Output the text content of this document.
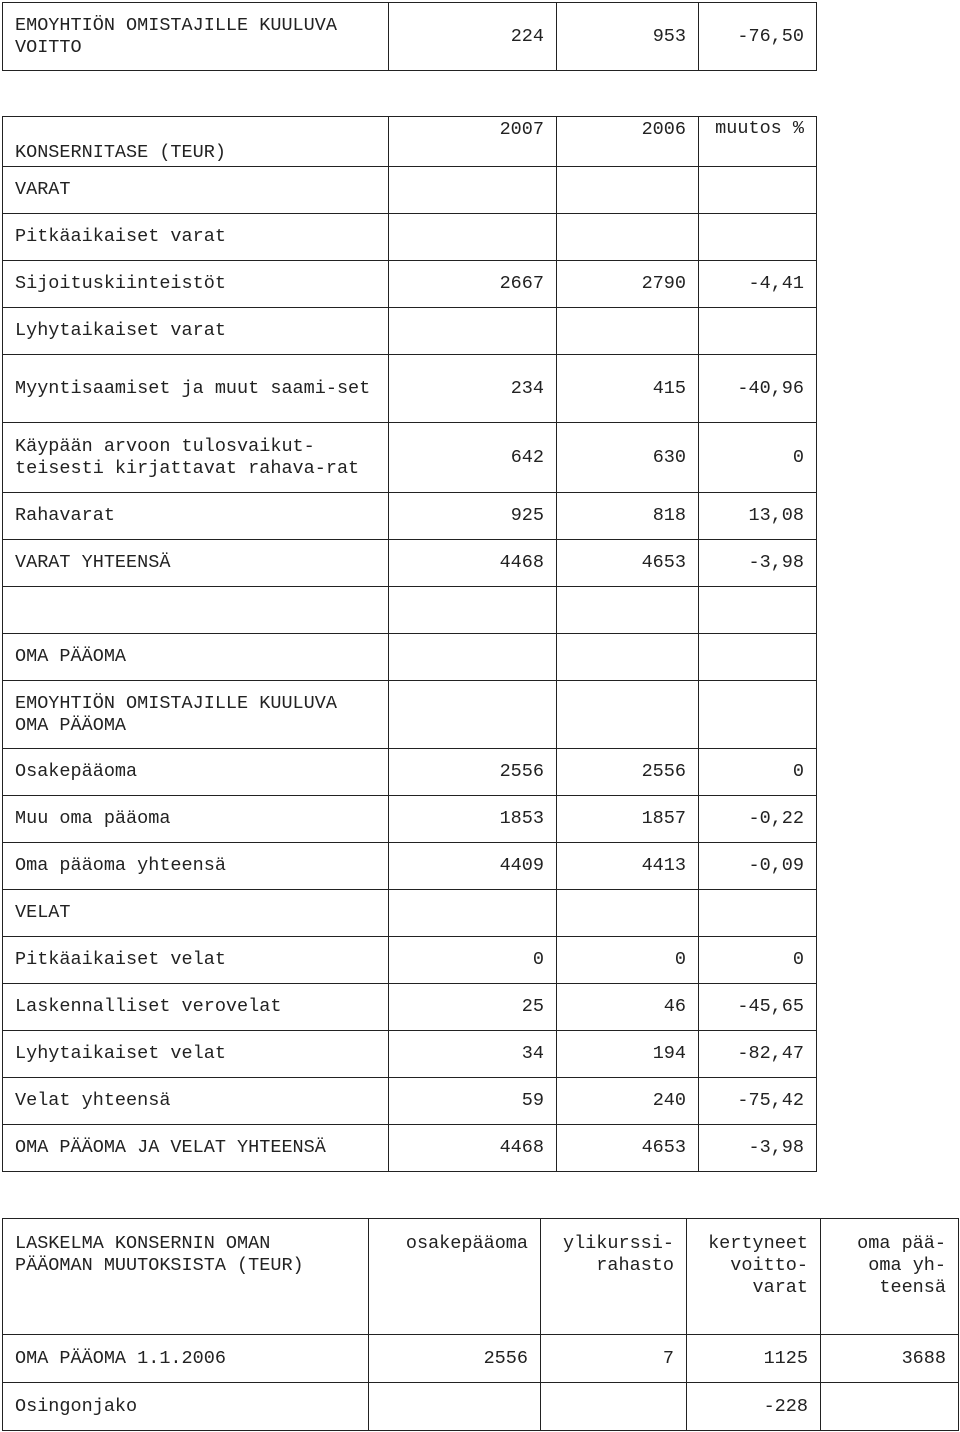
EMOYHTIÖN OMISTAJILLE KUULUVA VOITTO	224	953	-76,50
KONSERNITASE (TEUR)	2007	2006	muutos %
VARAT			
Pitkäaikaiset varat			
Sijoituskiinteistöt	2667	2790	-4,41
Lyhytaikaiset varat			
Myyntisaamiset ja muut saami-set	234	415	-40,96
Käypään arvoon tulosvaikut-teisesti kirjattavat rahava-rat	642	630	0
Rahavarat	925	818	13,08
VARAT YHTEENSÄ	4468	4653	-3,98

OMA PÄÄOMA			
EMOYHTIÖN OMISTAJILLE KUULUVA OMA PÄÄOMA			
Osakepääoma	2556	2556	0
Muu oma pääoma	1853	1857	-0,22
Oma pääoma yhteensä	4409	4413	-0,09
VELAT			
Pitkäaikaiset velat	0	0	0
Laskennalliset verovelat	25	46	-45,65
Lyhytaikaiset velat	34	194	-82,47
Velat yhteensä	59	240	-75,42
OMA PÄÄOMA JA VELAT YHTEENSÄ	4468	4653	-3,98
LASKELMA KONSERNIN OMAN PÄÄOMAN MUUTOKSISTA (TEUR)	osakepääoma	ylikurssi-rahasto	kertyneet voitto-varat	oma pää-oma yh-teensä
OMA PÄÄOMA 1.1.2006	2556	7	1125	3688
Osingonjako			-228	
